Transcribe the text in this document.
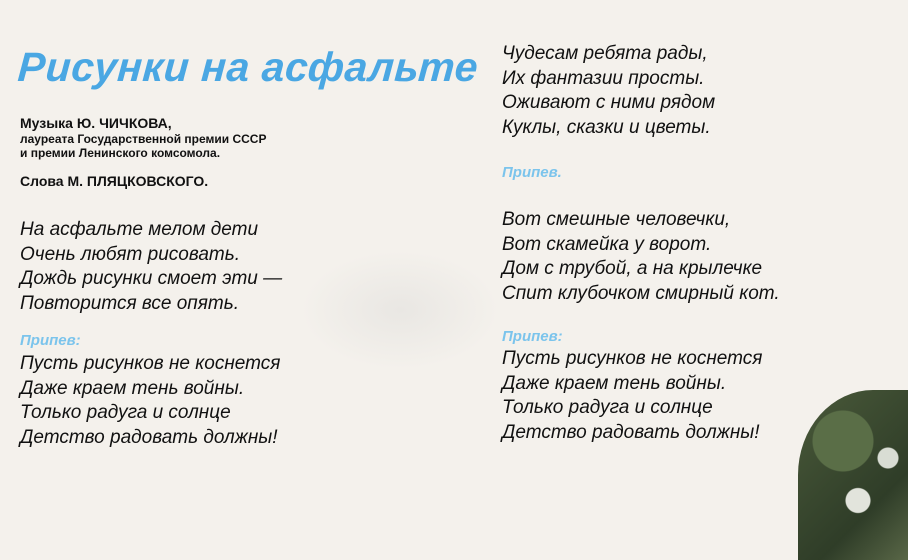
Рисунки на асфальте
Музыка Ю. ЧИЧКОВА,
лауреата Государственной премии СССР
и премии Ленинского комсомола.
Слова М. ПЛЯЦКОВСКОГО.
На асфальте мелом дети
Очень любят рисовать.
Дождь рисунки смоет эти —
Повторится все опять.
Припев:
Пусть рисунков не коснется
Даже краем тень войны.
Только радуга и солнце
Детство радовать должны!
Чудесам ребята рады,
Их фантазии просты.
Оживают с ними рядом
Куклы, сказки и цветы.
Припев.
Вот смешные человечки,
Вот скамейка у ворот.
Дом с трубой, а на крылечке
Спит клубочком смирный кот.
Припев:
Пусть рисунков не коснется
Даже краем тень войны.
Только радуга и солнце
Детство радовать должны!
